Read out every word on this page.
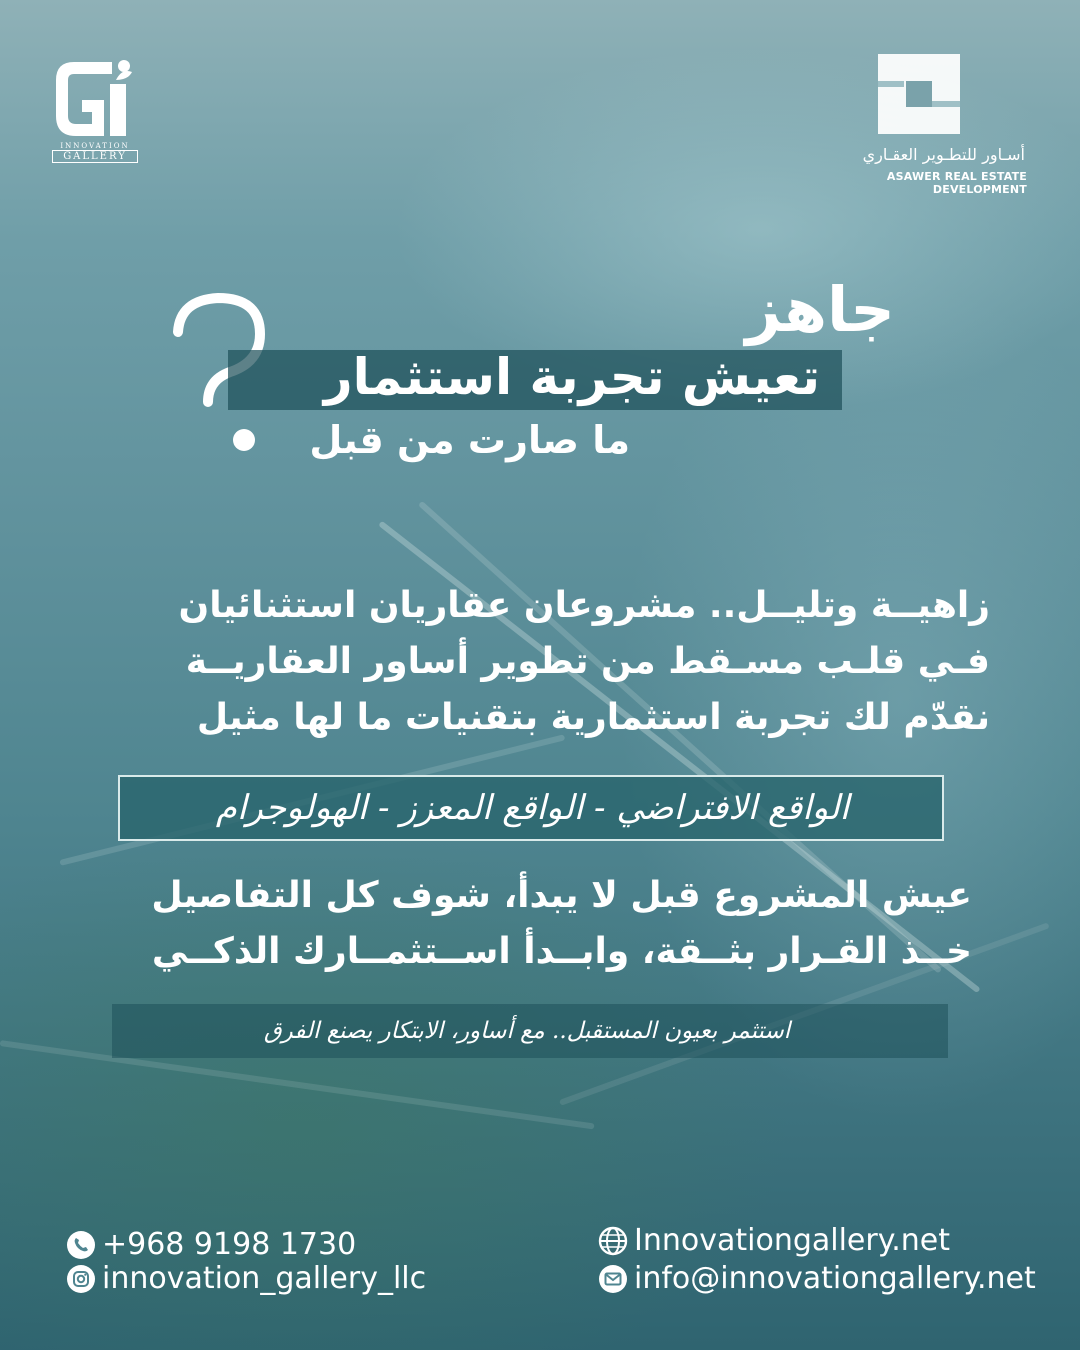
INNOVATION
GALLERY	أسـاور للتطـوير العقـاري
ASAWER REAL ESTATE DEVELOPMENT
جاهز
تعيش تجربة استثمار
ما صارت من قبل
زاهيــة وتليــل.. مشروعان عقاريان استثنائيان
فـي قلـب مسـقط من تطوير أساور العقاريــة
نقدّم لك تجربة استثمارية بتقنيات ما لها مثيل
الواقع الافتراضي - الواقع المعزز - الهولوجرام
عيش المشروع قبل لا يبدأ، شوف كل التفاصيل
خــذ القـرار بثــقة، وابــدأ اســتثمــارك الذكــي
استثمر بعيون المستقبل.. مع أساور، الابتكار يصنع الفرق
+968 9198 1730
innovation_gallery_llc
Innovationgallery.net
info@innovationgallery.net
